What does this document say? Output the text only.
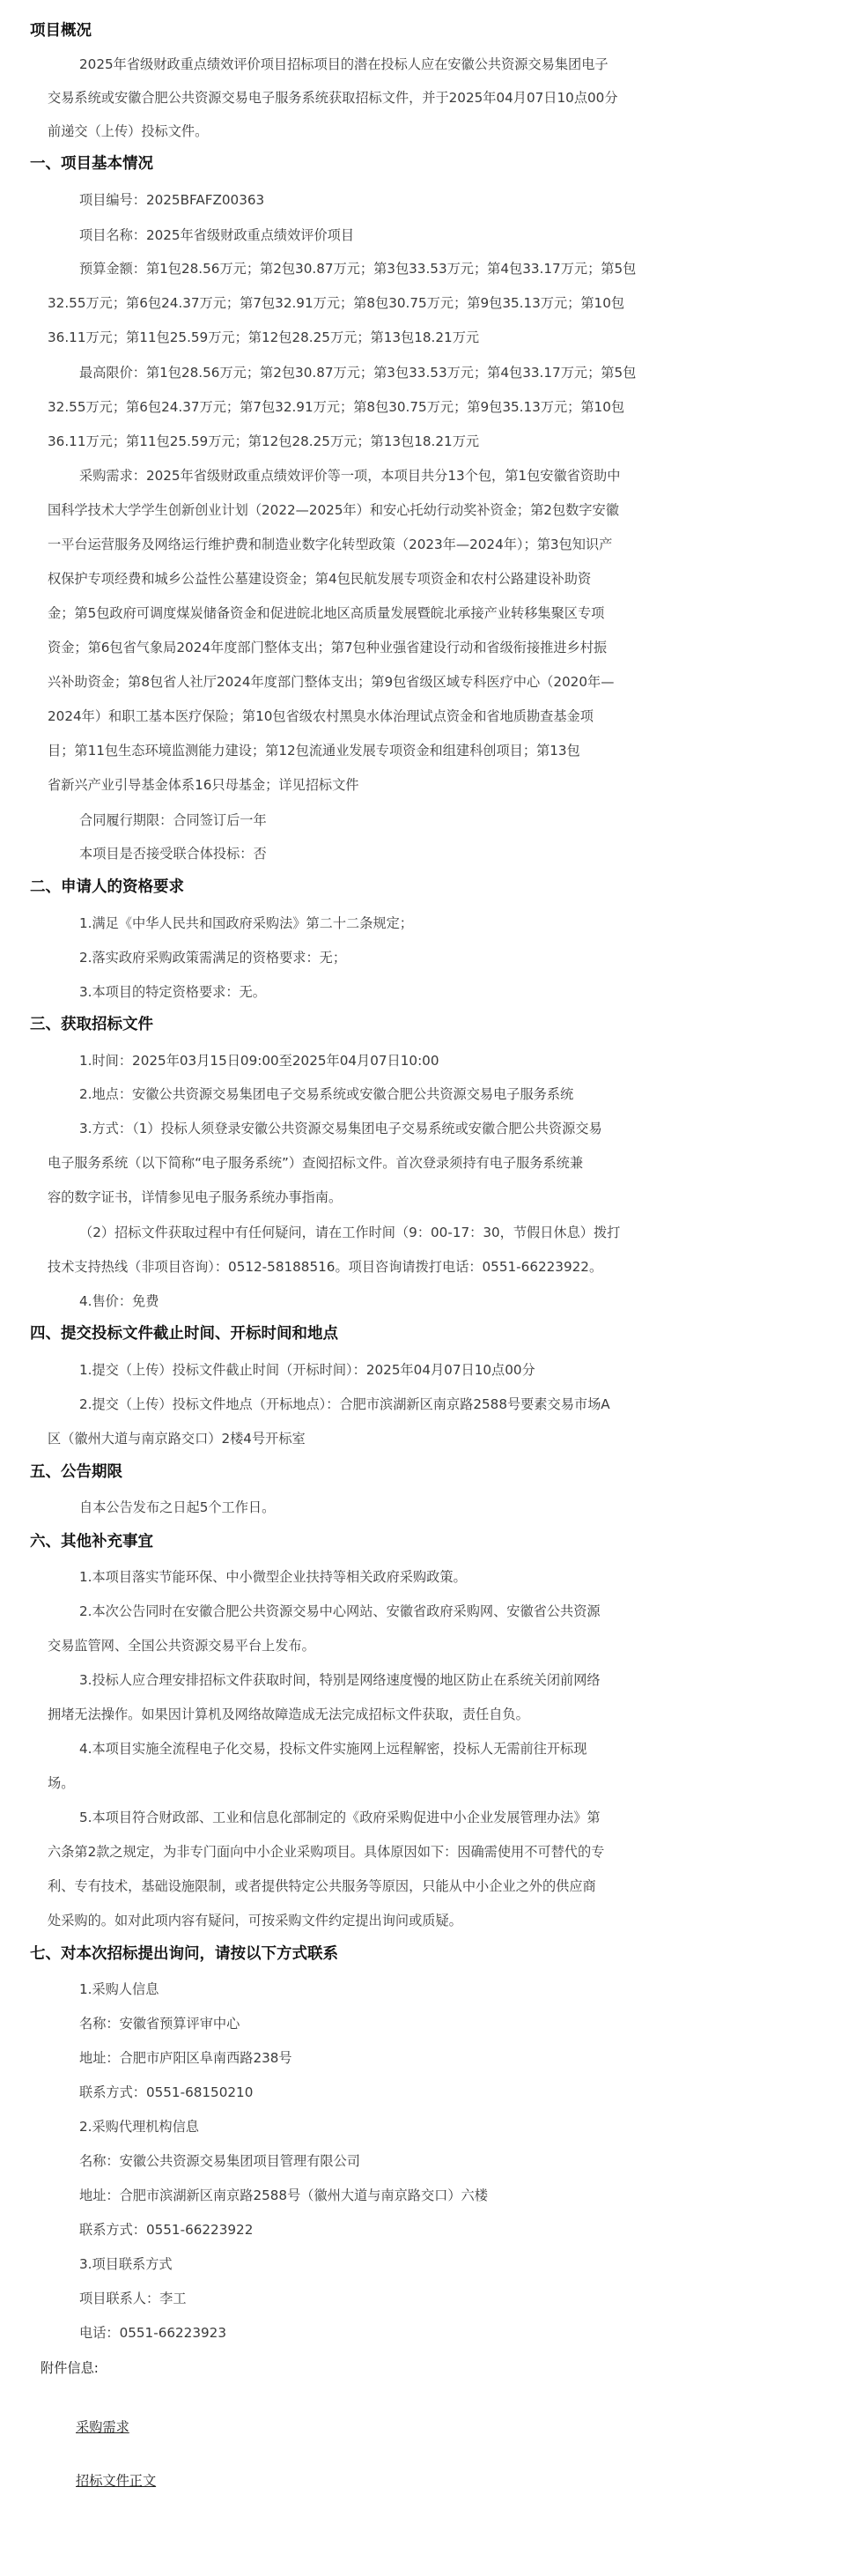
项目概况
2025年省级财政重点绩效评价项目招标项目的潜在投标人应在安徽公共资源交易集团电子
交易系统或安徽合肥公共资源交易电子服务系统获取招标文件，并于2025年04月07日10点00分
前递交（上传）投标文件。
一、项目基本情况
项目编号：2025BFAFZ00363
项目名称：2025年省级财政重点绩效评价项目
预算金额：第1包28.56万元；第2包30.87万元；第3包33.53万元；第4包33.17万元；第5包
32.55万元；第6包24.37万元；第7包32.91万元；第8包30.75万元；第9包35.13万元；第10包
36.11万元；第11包25.59万元；第12包28.25万元；第13包18.21万元
最高限价：第1包28.56万元；第2包30.87万元；第3包33.53万元；第4包33.17万元；第5包
32.55万元；第6包24.37万元；第7包32.91万元；第8包30.75万元；第9包35.13万元；第10包
36.11万元；第11包25.59万元；第12包28.25万元；第13包18.21万元
采购需求：2025年省级财政重点绩效评价等一项，本项目共分13个包，第1包安徽省资助中
国科学技术大学学生创新创业计划（2022—2025年）和安心托幼行动奖补资金；第2包数字安徽
一平台运营服务及网络运行维护费和制造业数字化转型政策（2023年—2024年）；第3包知识产
权保护专项经费和城乡公益性公墓建设资金；第4包民航发展专项资金和农村公路建设补助资
金；第5包政府可调度煤炭储备资金和促进皖北地区高质量发展暨皖北承接产业转移集聚区专项
资金；第6包省气象局2024年度部门整体支出；第7包种业强省建设行动和省级衔接推进乡村振
兴补助资金；第8包省人社厅2024年度部门整体支出；第9包省级区域专科医疗中心（2020年—
2024年）和职工基本医疗保险；第10包省级农村黑臭水体治理试点资金和省地质勘查基金项
目；第11包生态环境监测能力建设；第12包流通业发展专项资金和组建科创项目；第13包
省新兴产业引导基金体系16只母基金；详见招标文件
合同履行期限：合同签订后一年
本项目是否接受联合体投标：否
二、申请人的资格要求
1.满足《中华人民共和国政府采购法》第二十二条规定；
2.落实政府采购政策需满足的资格要求：无；
3.本项目的特定资格要求：无。
三、获取招标文件
1.时间：2025年03月15日09:00至2025年04月07日10:00
2.地点：安徽公共资源交易集团电子交易系统或安徽合肥公共资源交易电子服务系统
3.方式：（1）投标人须登录安徽公共资源交易集团电子交易系统或安徽合肥公共资源交易
电子服务系统（以下简称“电子服务系统”）查阅招标文件。首次登录须持有电子服务系统兼
容的数字证书，详情参见电子服务系统办事指南。
（2）招标文件获取过程中有任何疑问，请在工作时间（9：00-17：30，节假日休息）拨打
技术支持热线（非项目咨询）：0512-58188516。项目咨询请拨打电话：0551-66223922。
4.售价：免费
四、提交投标文件截止时间、开标时间和地点
1.提交（上传）投标文件截止时间（开标时间）：2025年04月07日10点00分
2.提交（上传）投标文件地点（开标地点）：合肥市滨湖新区南京路2588号要素交易市场A
区（徽州大道与南京路交口）2楼4号开标室
五、公告期限
自本公告发布之日起5个工作日。
六、其他补充事宜
1.本项目落实节能环保、中小微型企业扶持等相关政府采购政策。
2.本次公告同时在安徽合肥公共资源交易中心网站、安徽省政府采购网、安徽省公共资源
交易监管网、全国公共资源交易平台上发布。
3.投标人应合理安排招标文件获取时间，特别是网络速度慢的地区防止在系统关闭前网络
拥堵无法操作。如果因计算机及网络故障造成无法完成招标文件获取，责任自负。
4.本项目实施全流程电子化交易，投标文件实施网上远程解密，投标人无需前往开标现
场。
5.本项目符合财政部、工业和信息化部制定的《政府采购促进中小企业发展管理办法》第
六条第2款之规定，为非专门面向中小企业采购项目。具体原因如下：因确需使用不可替代的专
利、专有技术，基础设施限制，或者提供特定公共服务等原因，只能从中小企业之外的供应商
处采购的。如对此项内容有疑问，可按采购文件约定提出询问或质疑。
七、对本次招标提出询问，请按以下方式联系
1.采购人信息
名称：安徽省预算评审中心
地址：合肥市庐阳区阜南西路238号
联系方式：0551-68150210
2.采购代理机构信息
名称：安徽公共资源交易集团项目管理有限公司
地址：合肥市滨湖新区南京路2588号（徽州大道与南京路交口）六楼
联系方式：0551-66223922
3.项目联系方式
项目联系人：李工
电话：0551-66223923
附件信息:
采购需求
招标文件正文
